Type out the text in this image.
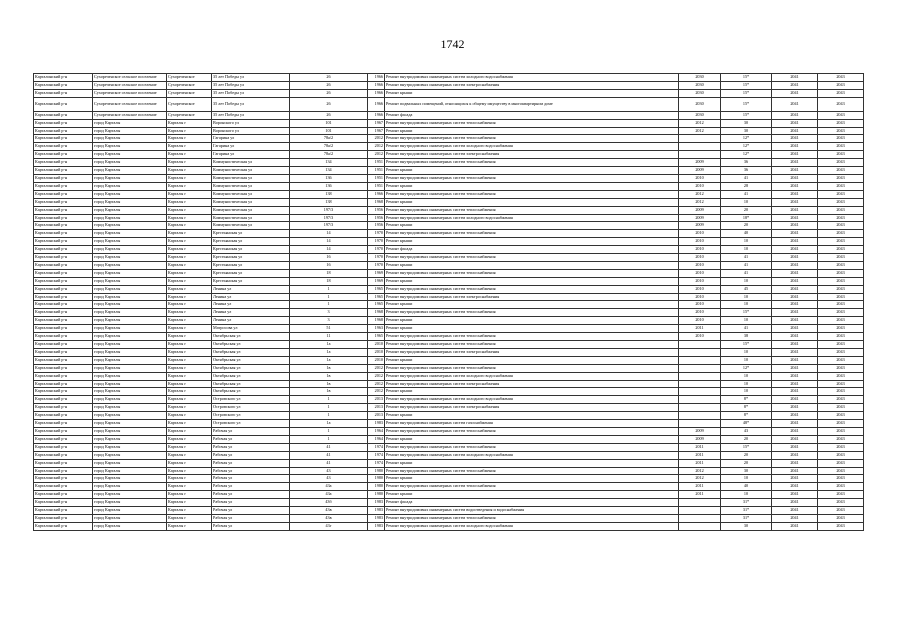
1742
Карталинский р-н	Сухореченское сельское поселение	Сухореченское	35 лет Победы ул	26	1966	Ремонт внутридомовых инженерных систем холодного водоснабжения	2030	15*	2041	2043
Карталинский р-н	Сухореченское сельское поселение	Сухореченское	35 лет Победы ул	26	1966	Ремонт внутридомовых инженерных систем электроснабжения	2030	15*	2041	2043
Карталинский р-н	Сухореченское сельское поселение	Сухореченское	35 лет Победы ул	26	1966	Ремонт крыши	2030	15*	2041	2043
Карталинский р-н	Сухореченское сельское поселение	Сухореченское	35 лет Победы ул	26	1966	Ремонт подвальных помещений, относящихся к общему имуществу в многоквартирном доме	2030	15*	2041	2043
Карталинский р-н	Сухореченское сельское поселение	Сухореченское	35 лет Победы ул	26	1966	Ремонт фасада	2030	15*	2041	2043
Карталинский р-н	город Карталы	Карталы г	Воронского ул	101	1967	Ремонт внутридомовых инженерных систем теплоснабжения	2012	30	2041	2043
Карталинский р-н	город Карталы	Карталы г	Воронского ул	101	1967	Ремонт крыши	2012	30	2041	2043
Карталинский р-н	город Карталы	Карталы г	Гагарина ул	78а/2	2012	Ремонт внутридомовых инженерных систем теплоснабжения		12*	2041	2043
Карталинский р-н	город Карталы	Карталы г	Гагарина ул	78а/2	2012	Ремонт внутридомовых инженерных систем холодного водоснабжения		12*	2041	2043
Карталинский р-н	город Карталы	Карталы г	Гагарина ул	78а/2	2012	Ремонт внутридомовых инженерных систем электроснабжения		12*	2041	2043
Карталинский р-н	город Карталы	Карталы г	Коммунистическая ул	134	1951	Ремонт внутридомовых инженерных систем теплоснабжения	2009	36	2041	2043
Карталинский р-н	город Карталы	Карталы г	Коммунистическая ул	134	1951	Ремонт крыши	2009	36	2041	2043
Карталинский р-н	город Карталы	Карталы г	Коммунистическая ул	136	1951	Ремонт внутридомовых инженерных систем теплоснабжения	2010	41	2041	2043
Карталинский р-н	город Карталы	Карталы г	Коммунистическая ул	136	1951	Ремонт крыши	2010	28	2041	2043
Карталинский р-н	город Карталы	Карталы г	Коммунистическая ул	138	1966	Ремонт внутридомовых инженерных систем теплоснабжения	2012	41	2041	2043
Карталинский р-н	город Карталы	Карталы г	Коммунистическая ул	138	1968	Ремонт крыши	2012	10	2041	2043
Карталинский р-н	город Карталы	Карталы г	Коммунистическая ул	197/3	1956	Ремонт внутридомовых инженерных систем теплоснабжения	2009	20	2041	2043
Карталинский р-н	город Карталы	Карталы г	Коммунистическая ул	197/3	1956	Ремонт внутридомовых инженерных систем холодного водоснабжения	2009	18*	2041	2043
Карталинский р-н	город Карталы	Карталы г	Коммунистическая ул	197/3	1956	Ремонт крыши	2009	20	2041	2043
Карталинский р-н	город Карталы	Карталы г	Крестьянская ул	14	1970	Ремонт внутридомовых инженерных систем теплоснабжения	2010	40	2041	2043
Карталинский р-н	город Карталы	Карталы г	Крестьянская ул	14	1970	Ремонт крыши	2010	10	2041	2043
Карталинский р-н	город Карталы	Карталы г	Крестьянская ул	14	1970	Ремонт фасада	2010	10	2041	2043
Карталинский р-н	город Карталы	Карталы г	Крестьянская ул	16	1970	Ремонт внутридомовых инженерных систем теплоснабжения	2010	41	2041	2043
Карталинский р-н	город Карталы	Карталы г	Крестьянская ул	16	1970	Ремонт крыши	2010	41	2041	2043
Карталинский р-н	город Карталы	Карталы г	Крестьянская ул	18	1969	Ремонт внутридомовых инженерных систем теплоснабжения	2010	41	2041	2043
Карталинский р-н	город Карталы	Карталы г	Крестьянская ул	18	1969	Ремонт крыши	2010	10	2041	2043
Карталинский р-н	город Карталы	Карталы г	Ленина ул	1	1965	Ремонт внутридомовых инженерных систем теплоснабжения	2010	45	2041	2043
Карталинский р-н	город Карталы	Карталы г	Ленина ул	1	1965	Ремонт внутридомовых инженерных систем электроснабжения	2010	10	2041	2043
Карталинский р-н	город Карталы	Карталы г	Ленина ул	1	1965	Ремонт крыши	2010	10	2041	2043
Карталинский р-н	город Карталы	Карталы г	Ленина ул	3	1968	Ремонт внутридомовых инженерных систем теплоснабжения	2010	15*	2041	2043
Карталинский р-н	город Карталы	Карталы г	Ленина ул	3	1968	Ремонт крыши	2010	10	2041	2043
Карталинский р-н	город Карталы	Карталы г	Матросова ул	51	1963	Ремонт крыши	2011	41	2041	2043
Карталинский р-н	город Карталы	Карталы г	Октябрьская ул	11	1965	Ремонт внутридомовых инженерных систем теплоснабжения	2010	38	2041	2043
Карталинский р-н	город Карталы	Карталы г	Октябрьская ул	1а	2010	Ремонт внутридомовых инженерных систем теплоснабжения		15*	2041	2043
Карталинский р-н	город Карталы	Карталы г	Октябрьская ул	1а	2010	Ремонт внутридомовых инженерных систем электроснабжения		10	2041	2043
Карталинский р-н	город Карталы	Карталы г	Октябрьская ул	1а	2010	Ремонт крыши		10	2041	2043
Карталинский р-н	город Карталы	Карталы г	Октябрьская ул	1в	2012	Ремонт внутридомовых инженерных систем теплоснабжения		12*	2041	2043
Карталинский р-н	город Карталы	Карталы г	Октябрьская ул	1в	2012	Ремонт внутридомовых инженерных систем холодного водоснабжения		10	2041	2043
Карталинский р-н	город Карталы	Карталы г	Октябрьская ул	1в	2012	Ремонт внутридомовых инженерных систем электроснабжения		10	2041	2043
Карталинский р-н	город Карталы	Карталы г	Октябрьская ул	1в	2012	Ремонт крыши		10	2041	2043
Карталинский р-н	город Карталы	Карталы г	Островского ул	1	2013	Ремонт внутридомовых инженерных систем холодного водоснабжения		8*	2041	2043
Карталинский р-н	город Карталы	Карталы г	Островского ул	1	2013	Ремонт внутридомовых инженерных систем электроснабжения		8*	2041	2043
Карталинский р-н	город Карталы	Карталы г	Островского ул	1	2013	Ремонт крыши		8*	2041	2043
Карталинский р-н	город Карталы	Карталы г	Островского ул	1а	1983	Ремонт внутридомовых инженерных систем газоснабжения		48*	2041	2043
Карталинский р-н	город Карталы	Карталы г	Рабочая ул	1	1964	Ремонт внутридомовых инженерных систем теплоснабжения	2009	43	2041	2043
Карталинский р-н	город Карталы	Карталы г	Рабочая ул	1	1964	Ремонт крыши	2009	20	2041	2043
Карталинский р-н	город Карталы	Карталы г	Рабочая ул	41	1974	Ремонт внутридомовых инженерных систем теплоснабжения	2011	15*	2041	2043
Карталинский р-н	город Карталы	Карталы г	Рабочая ул	41	1974	Ремонт внутридомовых инженерных систем холодного водоснабжения	2011	20	2041	2043
Карталинский р-н	город Карталы	Карталы г	Рабочая ул	41	1974	Ремонт крыши	2011	20	2041	2043
Карталинский р-н	город Карталы	Карталы г	Рабочая ул	43	1980	Ремонт внутридомовых инженерных систем теплоснабжения	2012	30	2041	2043
Карталинский р-н	город Карталы	Карталы г	Рабочая ул	43	1980	Ремонт крыши	2012	10	2041	2043
Карталинский р-н	город Карталы	Карталы г	Рабочая ул	43а	1980	Ремонт внутридомовых инженерных систем теплоснабжения	2011	40	2041	2043
Карталинский р-н	город Карталы	Карталы г	Рабочая ул	43а	1980	Ремонт крыши	2011	10	2041	2043
Карталинский р-н	город Карталы	Карталы г	Рабочая ул	43б	1983	Ремонт фасада		31*	2041	2043
Карталинский р-н	город Карталы	Карталы г	Рабочая ул	43в	1983	Ремонт внутридомовых инженерных систем водоотведения и водоснабжения		31*	2041	2043
Карталинский р-н	город Карталы	Карталы г	Рабочая ул	43в	1983	Ремонт внутридомовых инженерных систем теплоснабжения		31*	2041	2043
Карталинский р-н	город Карталы	Карталы г	Рабочая ул	43г	1983	Ремонт внутридомовых инженерных систем холодного водоснабжения		30	2041	2043
